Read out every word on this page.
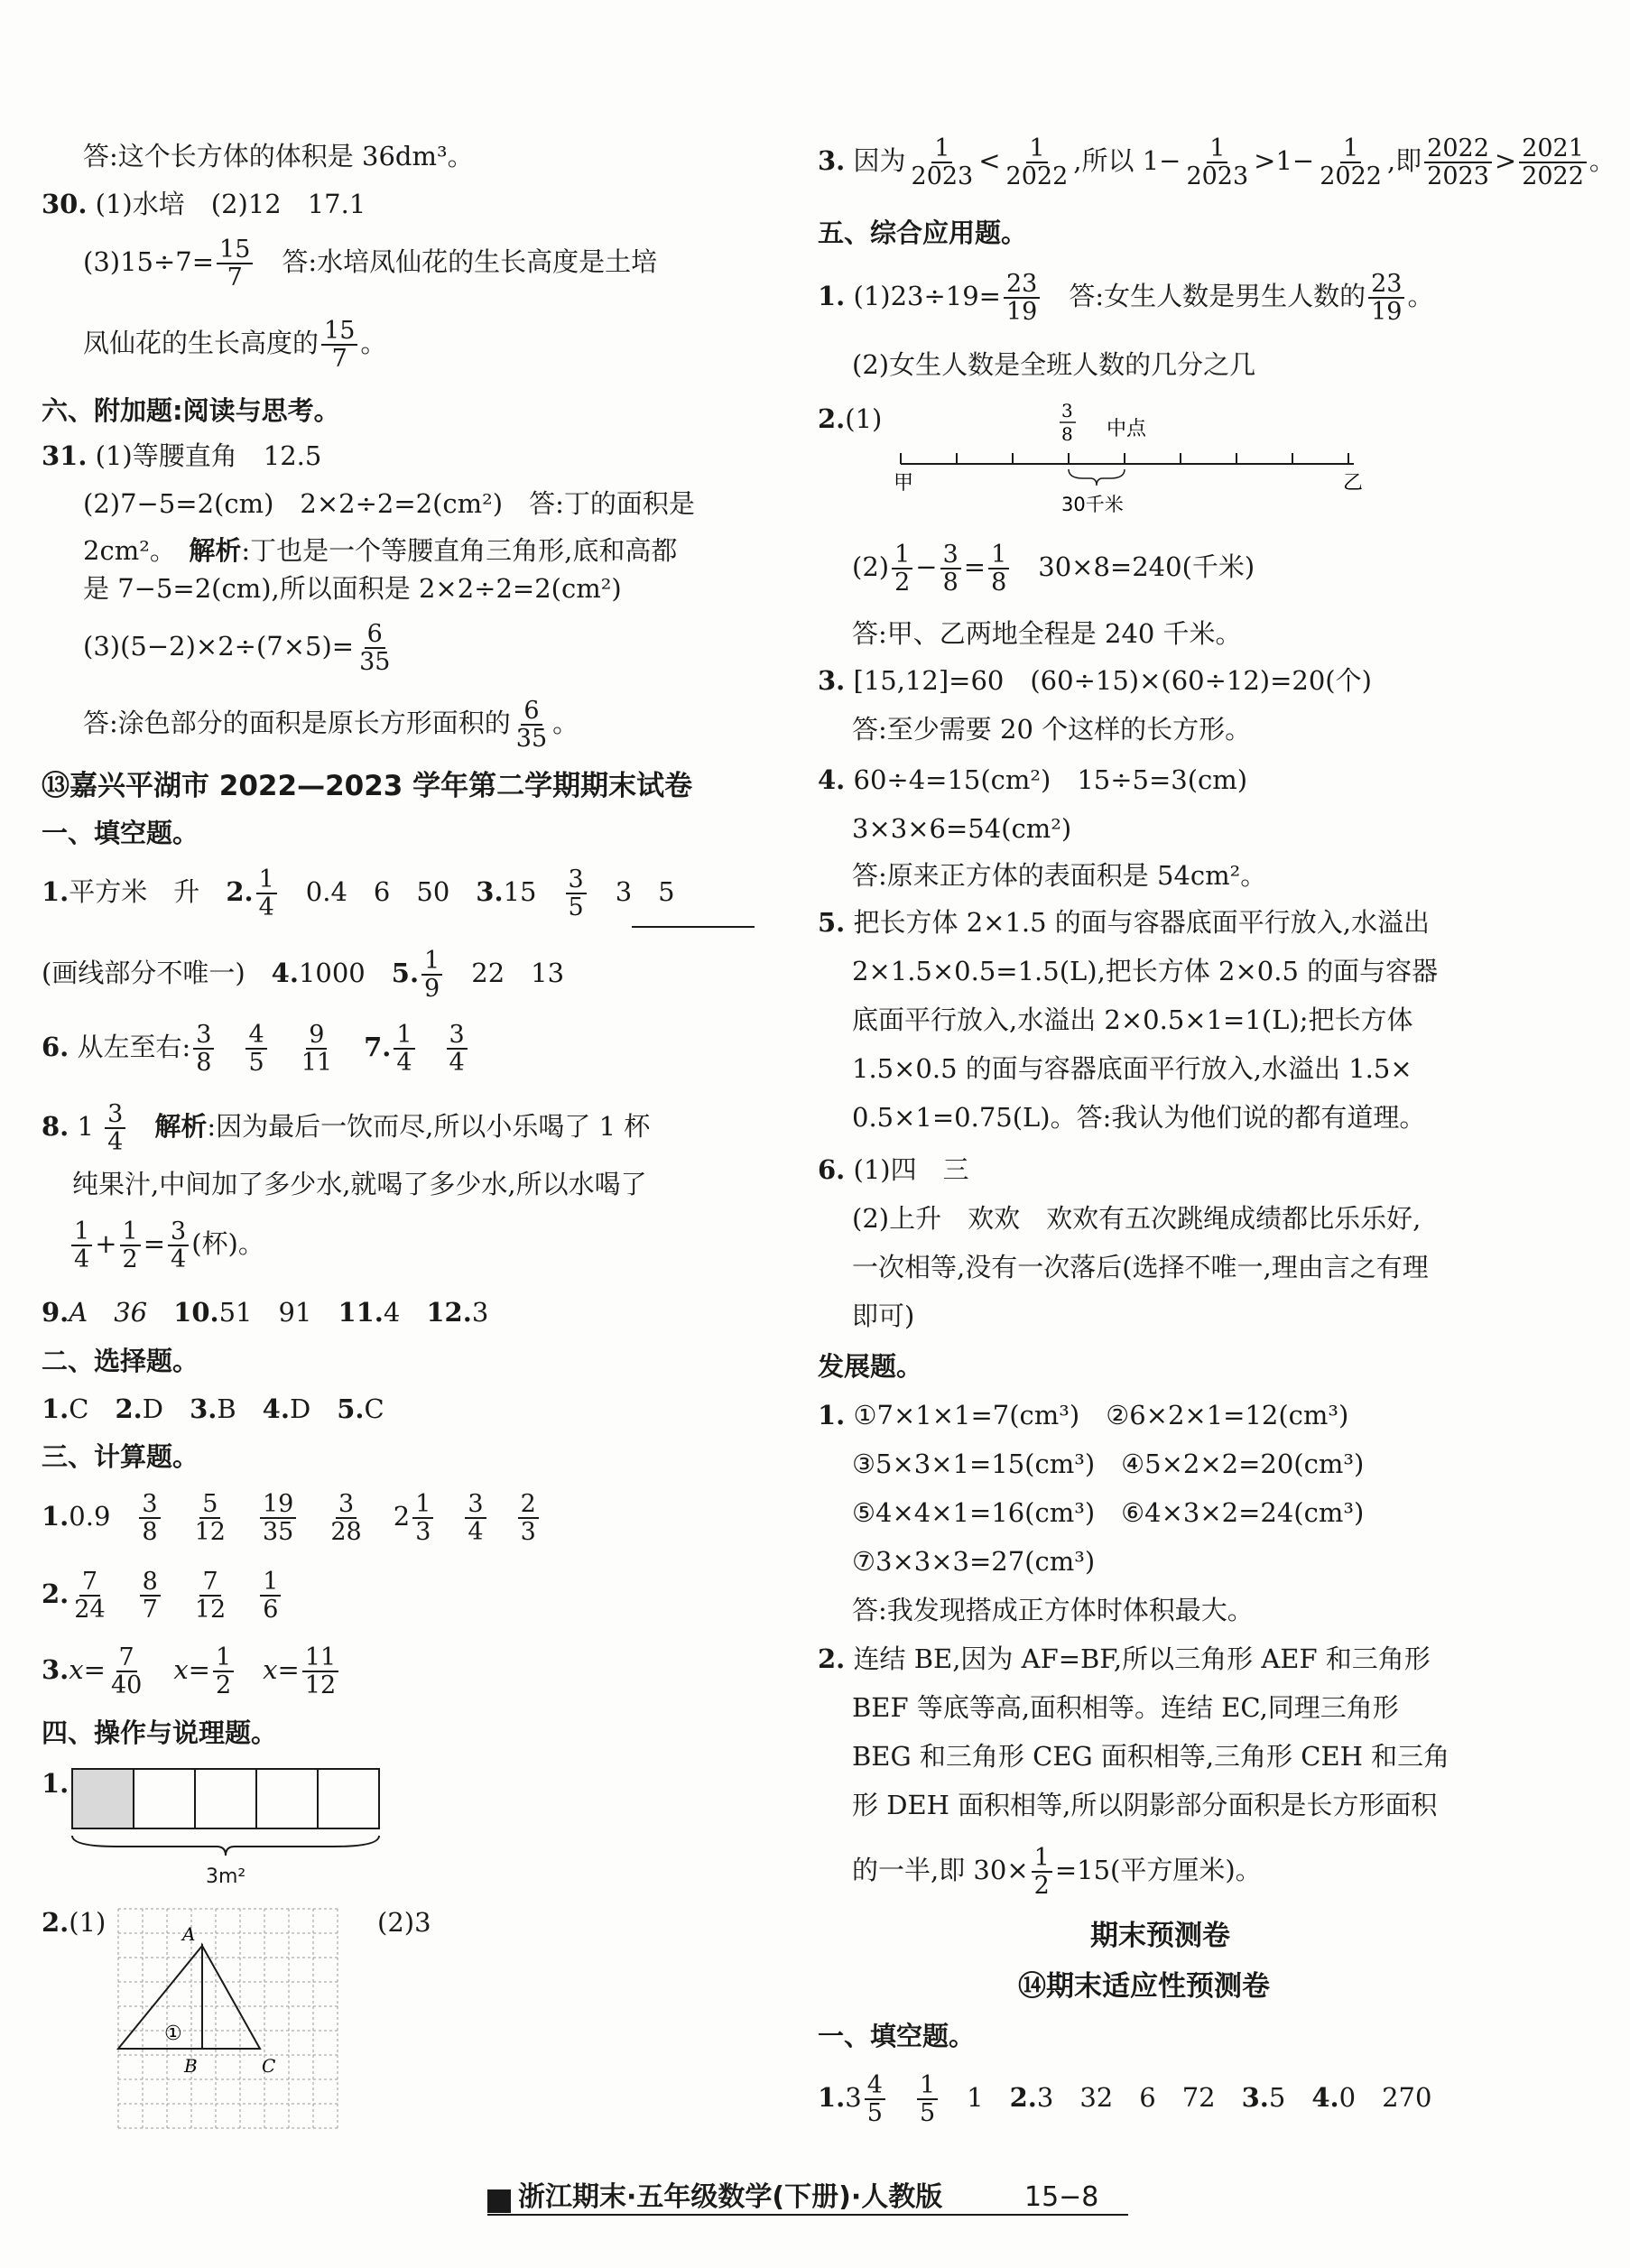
答:这个长方体的体积是 36dm³。
30. (1)水培　(2)12　17.1
$(3)15\div 7= \frac{15}{7}$ 　答:水培凤仙花的生长高度是土培
凤仙花的生长高度的 $\frac{15}{7}$ 。
六、附加题:阅读与思考。
31. (1)等腰直角　12.5
(2)7−5=2(cm)　2×2÷2=2(cm²)　答:丁的面积是
2cm²。　解析:丁也是一个等腰直角三角形,底和高都
是 7−5=2(cm),所以面积是 2×2÷2=2(cm²)
$(3)(5-2)\times 2\div(7\times 5)= \frac{6}{35}$
答:涂色部分的面积是原长方形面积的 $\frac{6}{35}$ 。
⑬嘉兴平湖市 2022—2023 学年第二学期期末试卷
一、填空题。
1.平方米　升　 2. $\frac{1}{4}$
　 0.4　6　50　 3.15　 $\frac{3}{5}$
　 3　5
(画线部分不唯一)　 4.1000　 5. $\frac{1}{9}$
　 22　13
6. 从左至右: $\frac{3}{8}$
　 $\frac{4}{5}$
　 $\frac{9}{11}$
　 7. $\frac{1}{4}$
　 $\frac{3}{4}$
8. $1 \frac{3}{4}$
　 解析:因为最后一饮而尽,所以小乐喝了 1 杯
纯果汁,中间加了多少水,就喝了多少水,所以水喝了
$\frac{1}{4} + \frac{1}{2} = \frac{3}{4}$ (杯)。
9.A　36　 10.51　91　 11.4　 12.3
二、选择题。
1.C　 2.D　 3.B　 4.D　 5.C
三、计算题。
1.0.9　 $\frac{3}{8}$
　 $\frac{5}{12}$
　 $\frac{19}{35}$
　 $\frac{3}{28}$
　 $2 \frac{1}{3}$
　 $\frac{3}{4}$
　 $\frac{2}{3}$
2. $\frac{7}{24}$
　 $\frac{8}{7}$
　 $\frac{7}{12}$
　 $\frac{1}{6}$
$3.x= \frac{7}{40}$
　 $x= \frac{1}{2}$
　 $x= \frac{11}{12}$
四、操作与说理题。
1.
3m²
2.(1)	(2)3
A
B	C
①
3. 因为 $\frac{1}{2023} < \frac{1}{2022}$ ,所以 $1- \frac{1}{2023} >1- \frac{1}{2022}$ ,即 $\frac{2022}{2023} > \frac{2021}{2022}$ 。
五、综合应用题。
1. $(1)23\div 19= \frac{23}{19}$ 　答:女生人数是男生人数的 $\frac{23}{19}$ 。
(2)女生人数是全班人数的几分之几
2.(1)	3
8 中点
甲	乙
30千米
$(2) \frac{1}{2} - \frac{3}{8} = \frac{1}{8}$ 　30×8=240(千米)
答:甲、乙两地全程是 240 千米。
3. [15,12]=60　(60÷15)×(60÷12)=20(个)
答:至少需要 20 个这样的长方形。
4. 60÷4=15(cm²)　15÷5=3(cm)
3×3×6=54(cm²)
答:原来正方体的表面积是 54cm²。
5. 把长方体 2×1.5 的面与容器底面平行放入,水溢出
2×1.5×0.5=1.5(L),把长方体 2×0.5 的面与容器
底面平行放入,水溢出 2×0.5×1=1(L);把长方体
1.5×0.5 的面与容器底面平行放入,水溢出 1.5×
0.5×1=0.75(L)。答:我认为他们说的都有道理。
6. (1)四　三
(2)上升　欢欢　欢欢有五次跳绳成绩都比乐乐好,
一次相等,没有一次落后(选择不唯一,理由言之有理
即可)
发展题。
1. ①7×1×1=7(cm³)　②6×2×1=12(cm³)
③5×3×1=15(cm³)　④5×2×2=20(cm³)
⑤4×4×1=16(cm³)　⑥4×3×2=24(cm³)
⑦3×3×3=27(cm³)
答:我发现搭成正方体时体积最大。
2. 连结 BE,因为 AF=BF,所以三角形 AEF 和三角形
BEF 等底等高,面积相等。连结 EC,同理三角形
BEG 和三角形 CEG 面积相等,三角形 CEH 和三角
形 DEH 面积相等,所以阴影部分面积是长方形面积
的一半,即 $30\times \frac{1}{2} =15$(平方厘米)。
期末预测卷
⑭期末适应性预测卷
一、填空题。
$1.3 \frac{4}{5}$
　 $\frac{1}{5}$
　 1　 2.3　32　6　72　 3.5　 4.0　270
浙江期末·五年级数学(下册)·人教版	15−8
